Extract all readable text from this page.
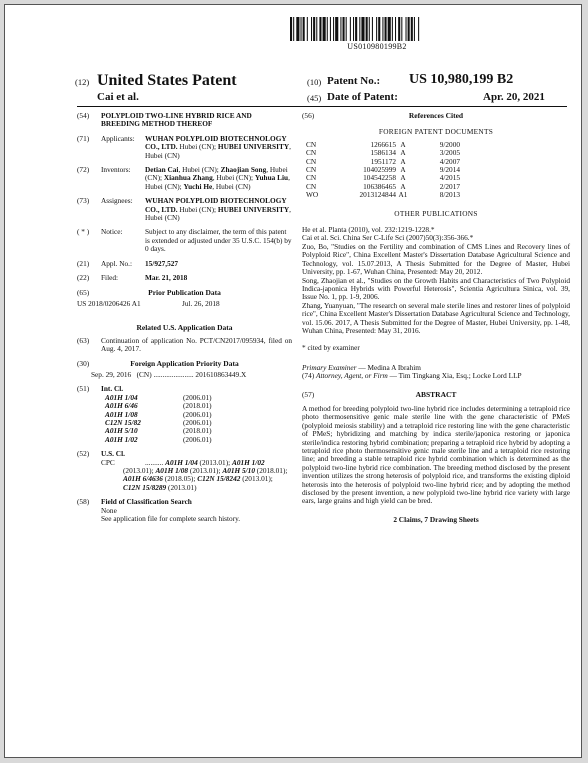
US010980199B2
(12) United States Patent
Cai et al.
(10) Patent No.: US 10,980,199 B2
(45) Date of Patent:	Apr. 20, 2021
(54)	POLYPLOID TWO-LINE HYBRID RICE AND BREEDING METHOD THEREOF
(71)	Applicants: WUHAN POLYPLOID BIOTECHNOLOGY CO., LTD. Hubei (CN); HUBEI UNIVERSITY, Hubei (CN)
(72)	Inventors: Detian Cai, Hubei (CN); Zhaojian Song, Hubei (CN); Xianhua Zhang, Hubei (CN); Yuhua Liu, Hubei (CN); Yuchi He, Hubei (CN)
(73)	Assignees: WUHAN POLYPLOID BIOTECHNOLOGY CO., LTD. Hubei (CN); HUBEI UNIVERSITY, Hubei (CN)
( * )	Notice:	Subject to any disclaimer, the term of this patent is extended or adjusted under 35 U.S.C. 154(b) by 0 days.
(21)	Appl. No.: 15/927,527
(22)	Filed:	Mar. 21, 2018
(65)	Prior Publication Data
US 2018/0206426 A1	Jul. 26, 2018
Related U.S. Application Data
(63)	Continuation of application No. PCT/CN2017/095934, filed on Aug. 4, 2017.
(30)	Foreign Application Priority Data
Sep. 29, 2016 (CN) ...................... 201610863449.X
(51)	Int. Cl.
A01H 1/04	(2006.01)
A01H 6/46	(2018.01)
A01H 1/08	(2006.01)
C12N 15/82	(2006.01)
A01H 5/10	(2018.01)
A01H 1/02	(2006.01)
(52)	U.S. Cl.
CPC	.......... A01H 1/04 (2013.01); A01H 1/02 (2013.01); A01H 1/08 (2013.01); A01H 5/10 (2018.01); A01H 6/4636 (2018.05); C12N 15/8242 (2013.01); C12N 15/8289 (2013.01)
(58)	Field of Classification Search
None
See application file for complete search history.
(56)	References Cited
FOREIGN PATENT DOCUMENTS
CN	1266615 A	9/2000
CN	1586134 A	3/2005
CN	1951172 A	4/2007
CN	104025999 A	9/2014
CN	104542258 A	4/2015
CN	106386465 A	2/2017
WO	2013124844 A1	8/2013
OTHER PUBLICATIONS
He et al. Planta (2010), vol. 232:1219-1228.*
Cai et al. Sci. China Ser C-Life Sci (2007)50(3):356-366.*
Zuo, Bo, "Studies on the Fertility and combination of CMS Lines and Recovery lines of Polyploid Rice", China Excellent Master's Dissertation Database Agricultural Science and Technology, vol. 15.07.2013, A Thesis Submitted for the Degree of Master, Hubei University, pp. 1-67, Wuhan China, Presented: May 20, 2012.
Song, Zhaojian et al., "Studies on the Growth Habits and Characteristics of Two Polyploid Indica-japonica Hybrids with Powerful Heterosis", Scientia Agricultura Sinica, vol. 39, Issue No. 1, pp. 1-9, 2006.
Zhang, Yuanyuan, "The research on several male sterile lines and restorer lines of polyploid rice", China Excellent Master's Dissertation Database Agricultural Science and Technology, vol. 15.06. 2017, A Thesis Submitted for the Degree of Master, Hubei University, pp. 1-48, Wuhan China, Presented: May 31, 2016.
* cited by examiner
Primary Examiner — Medina A Ibrahim
(74) Attorney, Agent, or Firm — Tim Tingkang Xia, Esq.; Locke Lord LLP
(57)	ABSTRACT
A method for breeding polyploid two-line hybrid rice includes determining a tetraploid rice photo thermosensitive genic male sterile line with the gene characteristic of PMeS (polyploid meiosis stability) and a tetraploid rice restoring line with the gene characteristic of PMeS; hybridizing and matching by indica sterile/japonica restoring or japonica sterile/indica restoring hybrid combination; preparing a tetraploid rice hybrid by adopting a tetraploid rice photo thermosensitive genic male sterile line and a tetraploid rice restoring line; and breeding a stable tetraploid rice hybrid combination which is determined as the polyploid two-line hybrid rice combination. The breeding method disclosed by the present invention utilizes the strong heterosis of polyploid rice, and transforms the existing diploid heterosis into the heterosis of polyploid two-line hybrid rice; and by adopting the method disclosed by the present invention, a new polyploid two-line hybrid rice variety with large ears, large grains and high yield can be bred.
2 Claims, 7 Drawing Sheets
